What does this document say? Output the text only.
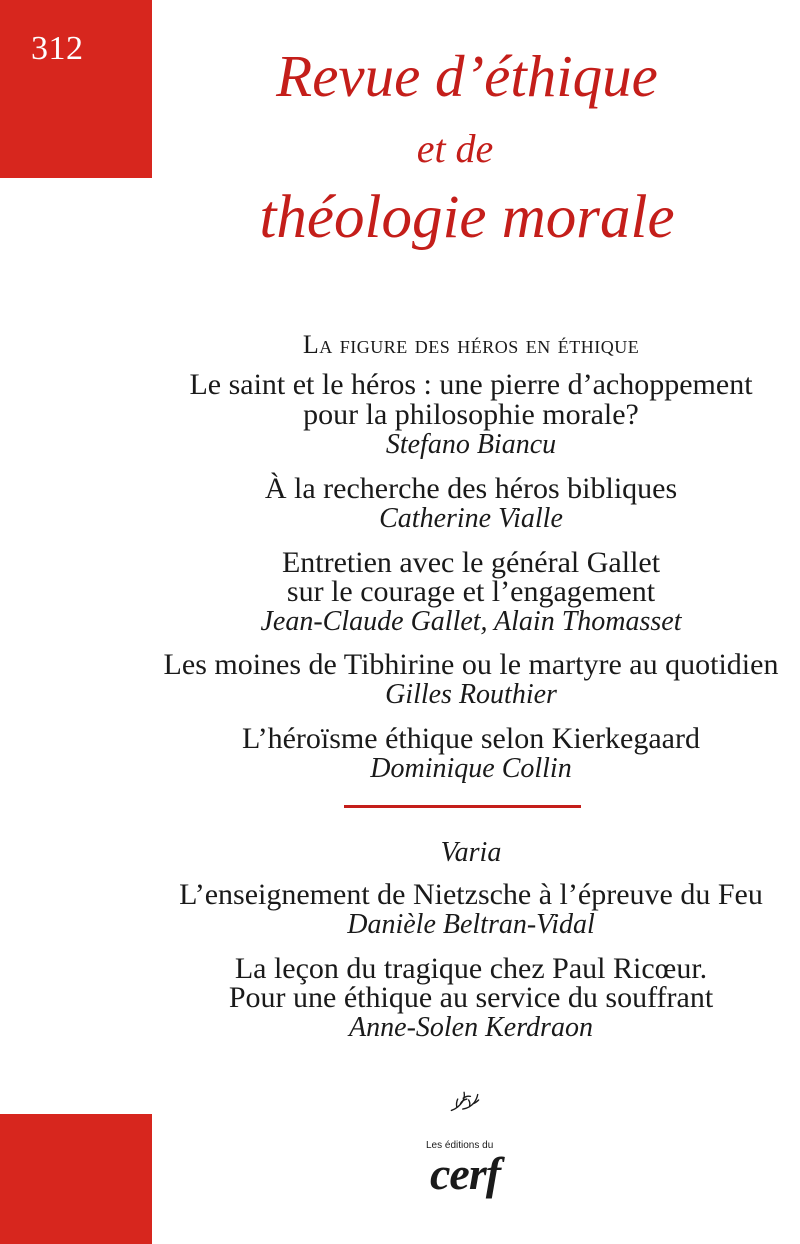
312	Revue d’éthique
et de
théologie morale
La figure des héros en éthique
Le saint et le héros : une pierre d’achoppement
pour la philosophie morale?
Stefano Biancu
À la recherche des héros bibliques
Catherine Vialle
Entretien avec le général Gallet
sur le courage et l’engagement
Jean-Claude Gallet, Alain Thomasset
Les moines de Tibhirine ou le martyre au quotidien
Gilles Routhier
L’héroïsme éthique selon Kierkegaard
Dominique Collin
Varia
L’enseignement de Nietzsche à l’épreuve du Feu
Danièle Beltran-Vidal
La leçon du tragique chez Paul Ricœur.
Pour une éthique au service du souffrant
Anne-Solen Kerdraon
Les éditions du
cerf
